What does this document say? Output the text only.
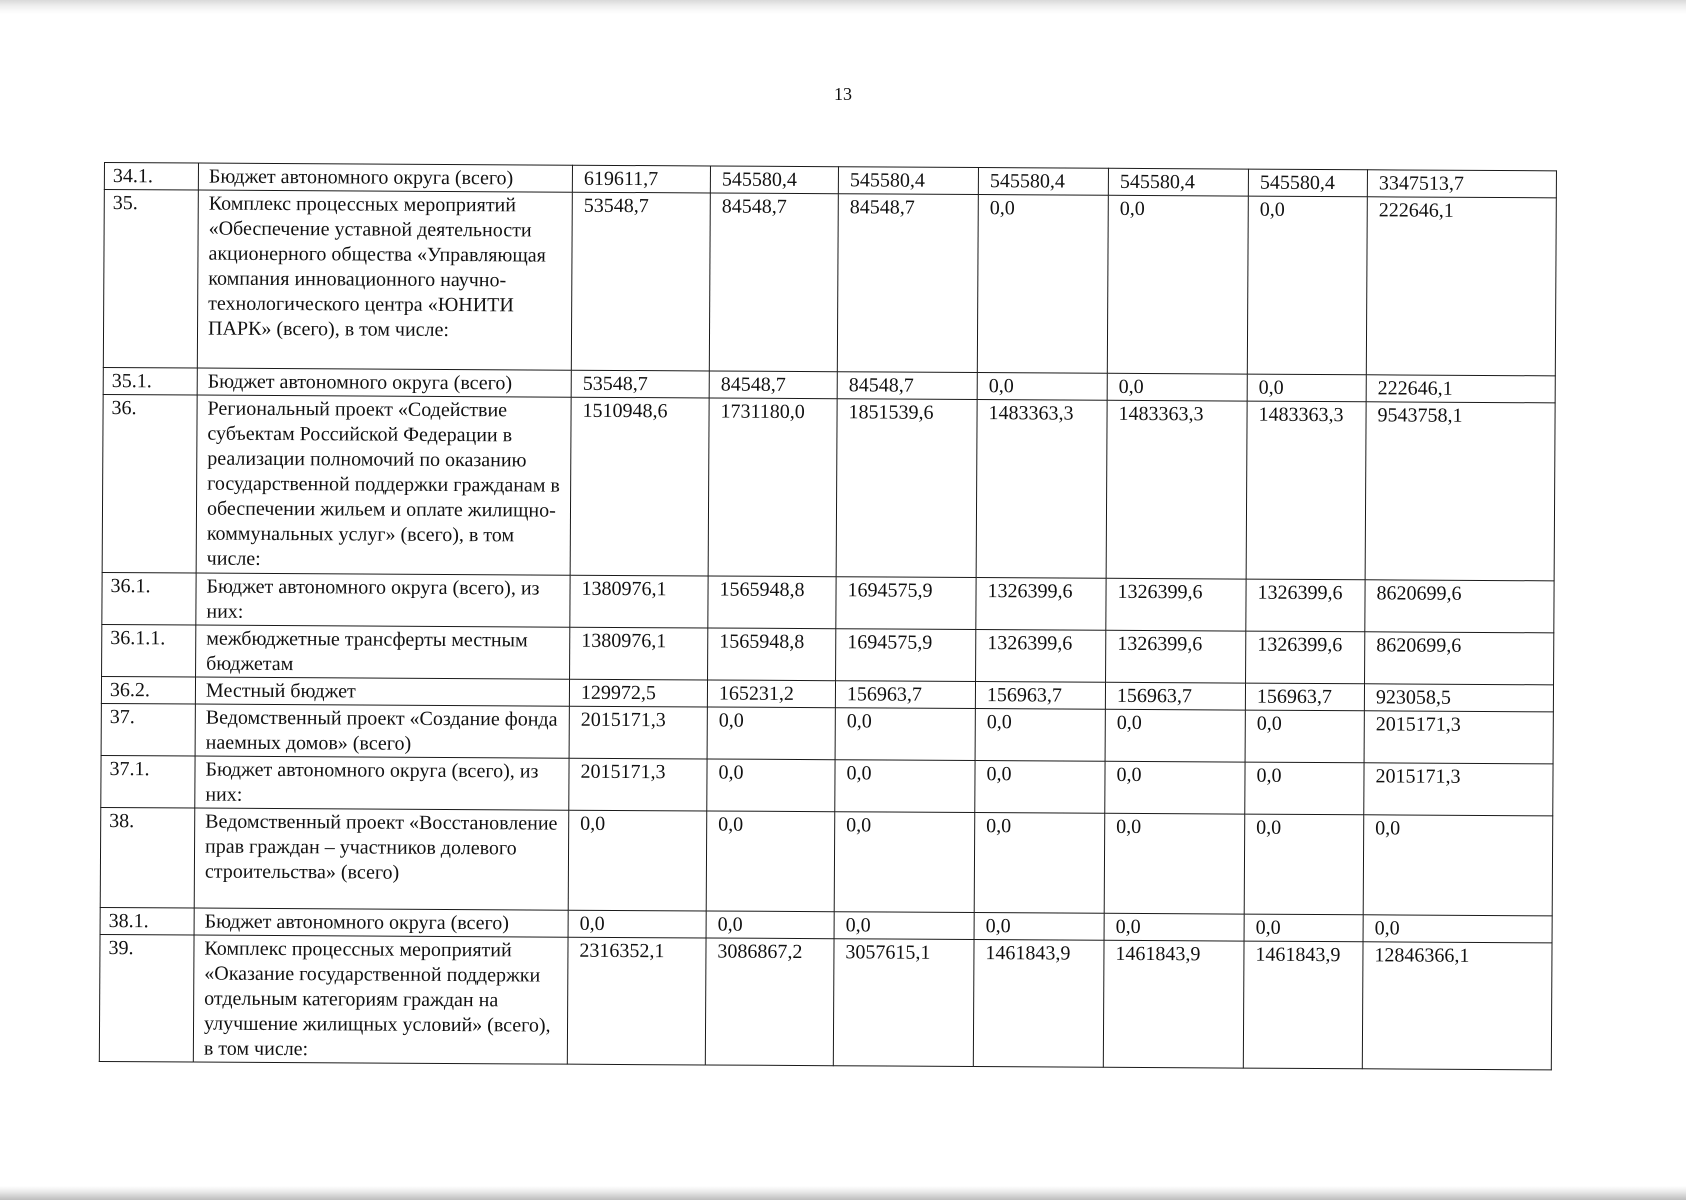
13
34.1.	Бюджет автономного округа (всего)	619611,7	545580,4	545580,4	545580,4	545580,4	545580,4	3347513,7
35.	Комплекс процессных мероприятий «Обеспечение уставной деятельности акционерного общества «Управляющая компания инновационного научно-технологического центра «ЮНИТИ ПАРК» (всего), в том числе:	53548,7	84548,7	84548,7	0,0	0,0	0,0	222646,1
35.1.	Бюджет автономного округа (всего)	53548,7	84548,7	84548,7	0,0	0,0	0,0	222646,1
36.	Региональный проект «Содействие субъектам Российской Федерации в реализации полномочий по оказанию государственной поддержки гражданам в обеспечении жильем и оплате жилищно-коммунальных услуг» (всего), в том числе:	1510948,6	1731180,0	1851539,6	1483363,3	1483363,3	1483363,3	9543758,1
36.1.	Бюджет автономного округа (всего), из них:	1380976,1	1565948,8	1694575,9	1326399,6	1326399,6	1326399,6	8620699,6
36.1.1.	межбюджетные трансферты местным бюджетам	1380976,1	1565948,8	1694575,9	1326399,6	1326399,6	1326399,6	8620699,6
36.2.	Местный бюджет	129972,5	165231,2	156963,7	156963,7	156963,7	156963,7	923058,5
37.	Ведомственный проект «Создание фонда наемных домов» (всего)	2015171,3	0,0	0,0	0,0	0,0	0,0	2015171,3
37.1.	Бюджет автономного округа (всего), из них:	2015171,3	0,0	0,0	0,0	0,0	0,0	2015171,3
38.	Ведомственный проект «Восстановление прав граждан – участников долевого строительства» (всего)	0,0	0,0	0,0	0,0	0,0	0,0	0,0
38.1.	Бюджет автономного округа (всего)	0,0	0,0	0,0	0,0	0,0	0,0	0,0
39.	Комплекс процессных мероприятий «Оказание государственной поддержки отдельным категориям граждан на улучшение жилищных условий» (всего), в том числе:	2316352,1	3086867,2	3057615,1	1461843,9	1461843,9	1461843,9	12846366,1
